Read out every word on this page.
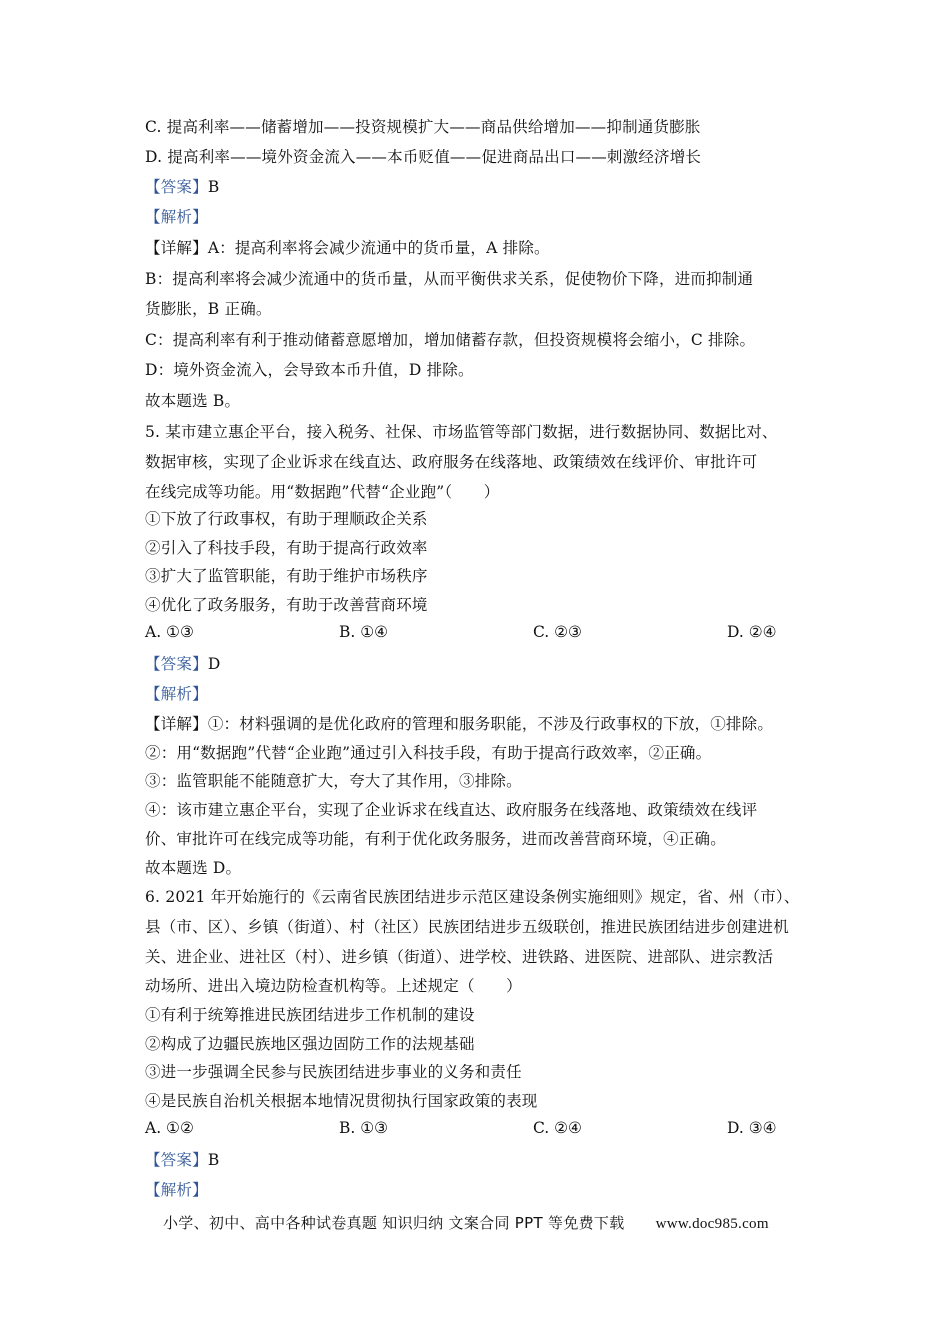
C. 提高利率——储蓄增加——投资规模扩大——商品供给增加——抑制通货膨胀
D. 提高利率——境外资金流入——本币贬值——促进商品出口——刺激经济增长
【答案】B
【解析】
【详解】A：提高利率将会减少流通中的货币量，A 排除。
B：提高利率将会减少流通中的货币量，从而平衡供求关系，促使物价下降，进而抑制通
货膨胀，B 正确。
C：提高利率有利于推动储蓄意愿增加，增加储蓄存款，但投资规模将会缩小，C 排除。
D：境外资金流入，会导致本币升值，D 排除。
故本题选 B。
5. 某市建立惠企平台，接入税务、社保、市场监管等部门数据，进行数据协同、数据比对、
数据审核，实现了企业诉求在线直达、政府服务在线落地、政策绩效在线评价、审批许可
在线完成等功能。用“数据跑”代替“企业跑”（　　）
①下放了行政事权，有助于理顺政企关系
②引入了科技手段，有助于提高行政效率
③扩大了监管职能，有助于维护市场秩序
④优化了政务服务，有助于改善营商环境
A. ①③	B. ①④	C. ②③	D. ②④
【答案】D
【解析】
【详解】①：材料强调的是优化政府的管理和服务职能，不涉及行政事权的下放，①排除。
②：用“数据跑”代替“企业跑”通过引入科技手段，有助于提高行政效率，②正确。
③：监管职能不能随意扩大，夸大了其作用，③排除。
④：该市建立惠企平台，实现了企业诉求在线直达、政府服务在线落地、政策绩效在线评
价、审批许可在线完成等功能，有利于优化政务服务，进而改善营商环境，④正确。
故本题选 D。
6. 2021 年开始施行的《云南省民族团结进步示范区建设条例实施细则》规定，省、州（市）、
县（市、区）、乡镇（街道）、村（社区）民族团结进步五级联创，推进民族团结进步创建进机
关、进企业、进社区（村）、进乡镇（街道）、进学校、进铁路、进医院、进部队、进宗教活
动场所、进出入境边防检查机构等。上述规定（　　）
①有利于统筹推进民族团结进步工作机制的建设
②构成了边疆民族地区强边固防工作的法规基础
③进一步强调全民参与民族团结进步事业的义务和责任
④是民族自治机关根据本地情况贯彻执行国家政策的表现
A. ①②	B. ①③	C. ②④	D. ③④
【答案】B
【解析】
小学、初中、高中各种试卷真题 知识归纳 文案合同 PPT 等免费下载 www.doc985.com
